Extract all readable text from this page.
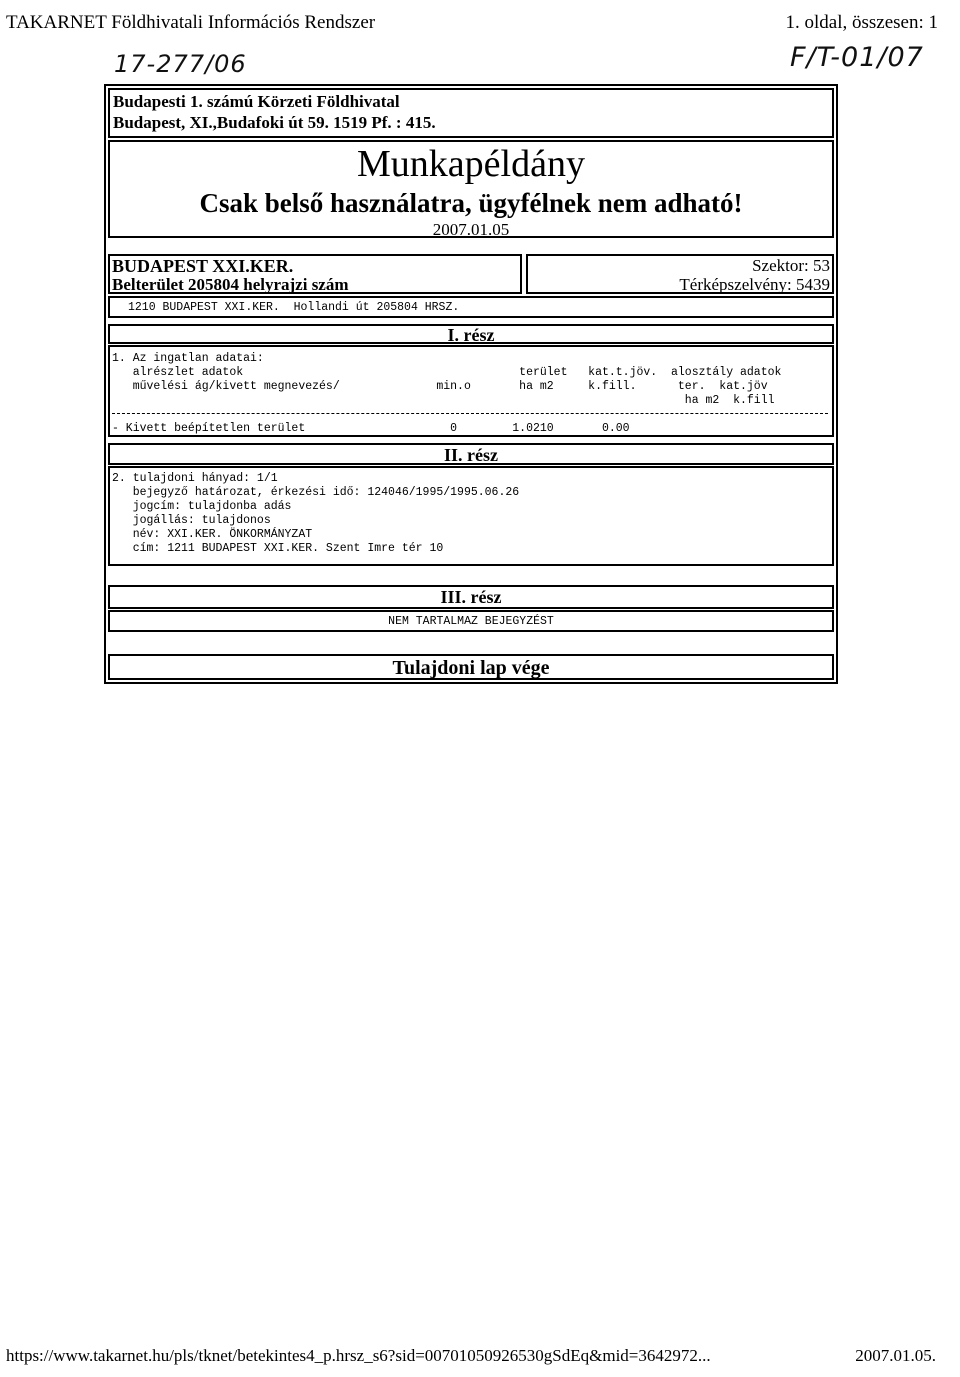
TAKARNET Földhivatali Információs Rendszer	1. oldal, összesen: 1
17-277/06	F/T-01/07
Budapesti 1. számú Körzeti Földhivatal
Budapest, XI.,Budafoki út 59. 1519 Pf. : 415.
Munkapéldány
Csak belső használatra, ügyfélnek nem adható!
2007.01.05
BUDAPEST XXI.KER.
Belterület 205804 helyrajzi szám
Szektor: 53
Térképszelvény: 5439
1210 BUDAPEST XXI.KER.  Hollandi út 205804 HRSZ.
I. rész
1. Az ingatlan adatai:
alrészlet adatok                                        terület   kat.t.jöv.  alosztály adatok
művelési ág/kivett megnevezés/              min.o       ha m2     k.fill.      ter.  kat.jöv
ha m2  k.fill
- Kivett beépítetlen terület                     0        1.0210       0.00
II. rész
2. tulajdoni hányad: 1/1
bejegyző határozat, érkezési idő: 124046/1995/1995.06.26
jogcím: tulajdonba adás
jogállás: tulajdonos
név: XXI.KER. ÖNKORMÁNYZAT
cím: 1211 BUDAPEST XXI.KER. Szent Imre tér 10
III. rész
NEM TARTALMAZ BEJEGYZÉST
Tulajdoni lap vége
https://www.takarnet.hu/pls/tknet/betekintes4_p.hrsz_s6?sid=00701050926530gSdEq&mid=3642972...	2007.01.05.
